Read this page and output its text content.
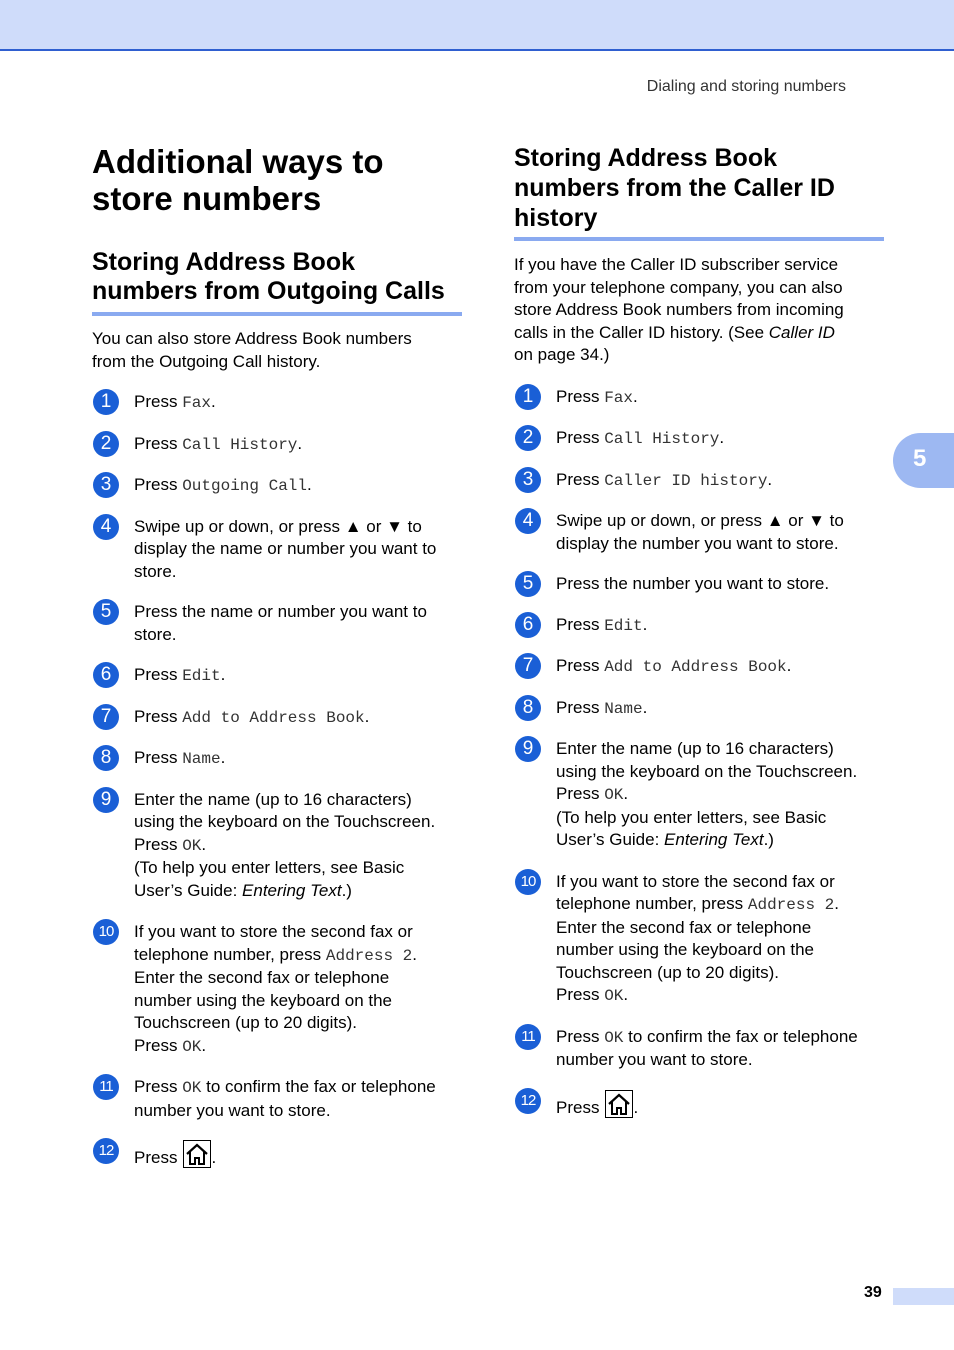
Dialing and storing numbers
5
Additional ways to
store numbers
Storing Address Book
numbers from Outgoing Calls

You can also store Address Book numbers
from the Outgoing Call history.

1	Press Fax.
2	Press Call History.
3	Press Outgoing Call.
4	Swipe up or down, or press ▲ or ▼ to
display the name or number you want to
store.
5	Press the name or number you want to
store.
6	Press Edit.
7	Press Add to Address Book.
8	Press Name.
9	Enter the name (up to 16 characters)
using the keyboard on the Touchscreen.
Press OK.
(To help you enter letters, see Basic
User’s Guide: Entering Text.)
10	If you want to store the second fax or
telephone number, press Address 2.
Enter the second fax or telephone
number using the keyboard on the
Touchscreen (up to 20 digits).
Press OK.
11	Press OK to confirm the fax or telephone
number you want to store.
12	Press .
Storing Address Book
numbers from the Caller ID
history

If you have the Caller ID subscriber service
from your telephone company, you can also
store Address Book numbers from incoming
calls in the Caller ID history. (See Caller ID
on page 34.)

1	Press Fax.
2	Press Call History.
3	Press Caller ID history.
4	Swipe up or down, or press ▲ or ▼ to
display the number you want to store.
5	Press the number you want to store.
6	Press Edit.
7	Press Add to Address Book.
8	Press Name.
9	Enter the name (up to 16 characters)
using the keyboard on the Touchscreen.
Press OK.
(To help you enter letters, see Basic
User’s Guide: Entering Text.)
10	If you want to store the second fax or
telephone number, press Address 2.
Enter the second fax or telephone
number using the keyboard on the
Touchscreen (up to 20 digits).
Press OK.
11	Press OK to confirm the fax or telephone
number you want to store.
12	Press .
39
